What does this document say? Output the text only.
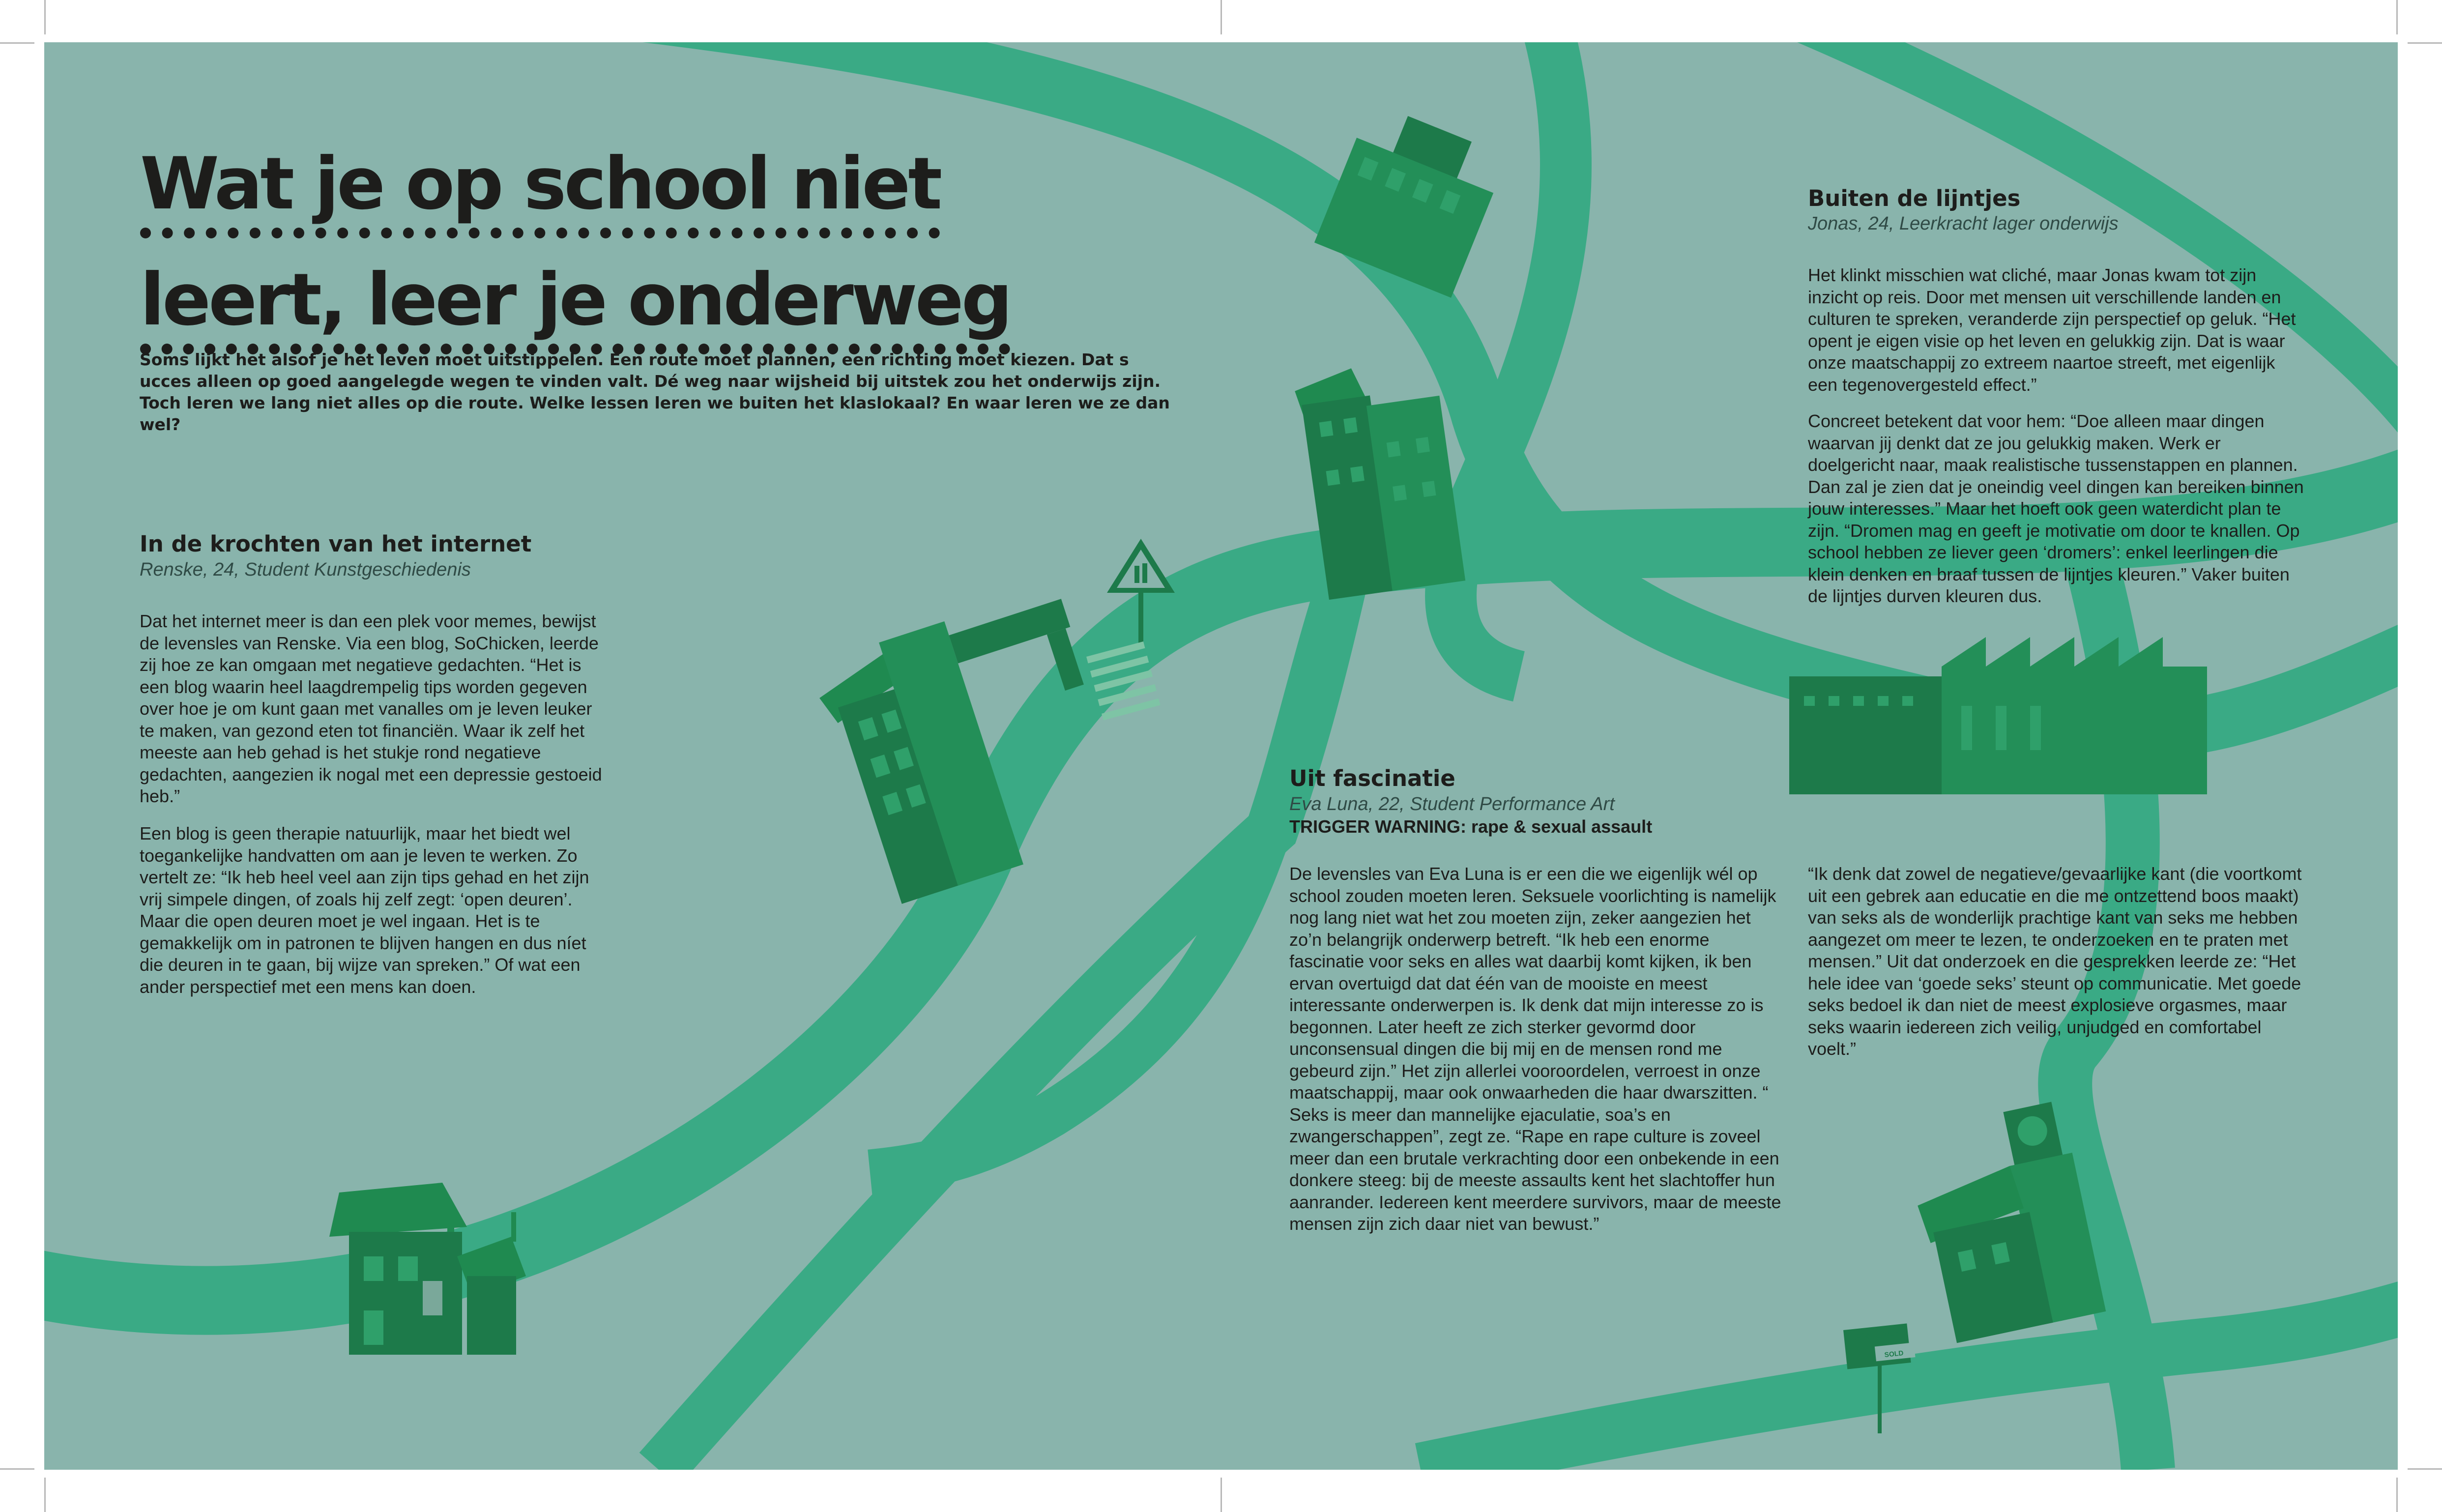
Wat je op school niet
leert, leer je onderweg

Soms lijkt het alsof je het leven moet uitstippelen. Een route moet plannen, een richting moet kiezen. Dat s ucces alleen op goed aangelegde wegen te vinden valt. Dé weg naar wijsheid bij uitstek zou het onderwijs zijn. Toch leren we lang niet alles op die route. Welke lessen leren we buiten het klaslokaal? En waar leren we ze dan wel?

In de krochten van het internet

Renske, 24, Student Kunstgeschiedenis

Dat het internet meer is dan een plek voor memes, bewijst de levensles van Renske. Via een blog, SoChicken, leerde zij hoe ze kan omgaan met negatieve gedachten. “Het is een blog waarin heel laagdrempelig tips worden gegeven over hoe je om kunt gaan met vanalles om je leven leuker te maken, van gezond eten tot financiën. Waar ik zelf het meeste aan heb gehad is het stukje rond negatieve gedachten, aangezien ik nogal met een depressie gestoeid heb.”

Een blog is geen therapie natuurlijk, maar het biedt wel toegankelijke handvatten om aan je leven te werken. Zo vertelt ze: “Ik heb heel veel aan zijn tips gehad en het zijn vrij simpele dingen, of zoals hij zelf zegt: ‘open deuren’. Maar die open deuren moet je wel ingaan. Het is te gemakkelijk om in patronen te blijven hangen en dus níet die deuren in te gaan, bij wijze van spreken.” Of wat een ander perspectief met een mens kan doen.

Buiten de lijntjes

Jonas, 24, Leerkracht lager onderwijs

Het klinkt misschien wat cliché, maar Jonas kwam tot zijn inzicht op reis. Door met mensen uit verschillende landen en culturen te spreken, veranderde zijn perspectief op geluk. “Het opent je eigen visie op het leven en gelukkig zijn. Dat is waar onze maatschappij zo extreem naartoe streeft, met eigenlijk een tegenovergesteld effect.”

Concreet betekent dat voor hem: “Doe alleen maar dingen waarvan jij denkt dat ze jou gelukkig maken. Werk er doelgericht naar, maak realistische tussenstappen en plannen. Dan zal je zien dat je oneindig veel dingen kan bereiken binnen jouw interesses.” Maar het hoeft ook geen waterdicht plan te zijn. “Dromen mag en geeft je motivatie om door te knallen. Op school hebben ze liever geen ‘dromers’: enkel leerlingen die klein denken en braaf tussen de lijntjes kleuren.” Vaker buiten de lijntjes durven kleuren dus.

Uit fascinatie

Eva Luna, 22, Student Performance Art

TRIGGER WARNING: rape & sexual assault

De levensles van Eva Luna is er een die we eigenlijk wél op school zouden moeten leren. Seksuele voorlichting is namelijk nog lang niet wat het zou moeten zijn, zeker aangezien het zo’n belangrijk onderwerp betreft. “Ik heb een enorme fascinatie voor seks en alles wat daarbij komt kijken, ik ben ervan overtuigd dat dat één van de mooiste en meest interessante onderwerpen is. Ik denk dat mijn interesse zo is begonnen. Later heeft ze zich sterker gevormd door unconsensual dingen die bij mij en de mensen rond me gebeurd zijn.” Het zijn allerlei vooroordelen, verroest in onze maatschappij, maar ook onwaarheden die haar dwarszitten. “ Seks is meer dan mannelijke ejaculatie, soa’s en zwangerschappen”, zegt ze. “Rape en rape culture is zoveel meer dan een brutale verkrachting door een onbekende in een donkere steeg: bij de meeste assaults kent het slachtoffer hun aanrander. Iedereen kent meerdere survivors, maar de meeste mensen zijn zich daar niet van bewust.”

“Ik denk dat zowel de negatieve/gevaarlijke kant (die voortkomt uit een gebrek aan educatie en die me ontzettend boos maakt) van seks als de wonderlijk prachtige kant van seks me hebben aangezet om meer te lezen, te onderzoeken en te praten met mensen.” Uit dat onderzoek en die gesprekken leerde ze: “Het hele idee van ‘goede seks’ steunt op communicatie. Met goede seks bedoel ik dan niet de meest explosieve orgasmes, maar seks waarin iedereen zich veilig, unjudged en comfortabel voelt.”

FOR SALE
SOLD
